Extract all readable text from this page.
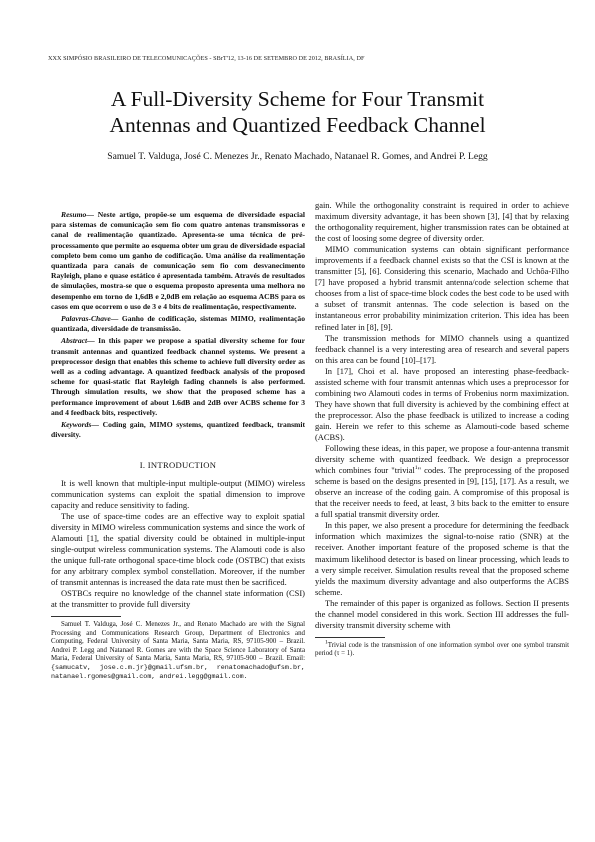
XXX SIMPÓSIO BRASILEIRO DE TELECOMUNICAÇÕES - SBrT'12, 13-16 DE SETEMBRO DE 2012, BRASÍLIA, DF
A Full-Diversity Scheme for Four Transmit
Antennas and Quantized Feedback Channel
Samuel T. Valduga, José C. Menezes Jr., Renato Machado, Natanael R. Gomes, and Andrei P. Legg

Resumo— Neste artigo, propõe-se um esquema de diversidade espacial para sistemas de comunicação sem fio com quatro antenas transmissoras e canal de realimentação quantizado. Apresenta-se uma técnica de pré-processamento que permite ao esquema obter um grau de diversidade espacial completo bem como um ganho de codificação. Uma análise da realimentação quantizada para canais de comunicação sem fio com desvanecimento Rayleigh, plano e quase estático é apresentada também. Através de resultados de simulações, mostra-se que o esquema proposto apresenta uma melhora no desempenho em torno de 1,6dB e 2,0dB em relação ao esquema ACBS para os casos em que ocorrem o uso de 3 e 4 bits de realimentação, respectivamente.

Palavras-Chave— Ganho de codificação, sistemas MIMO, realimentação quantizada, diversidade de transmissão.

Abstract— In this paper we propose a spatial diversity scheme for four transmit antennas and quantized feedback channel systems. We present a preprocessor design that enables this scheme to achieve full diversity order as well as a coding advantage. A quantized feedback analysis of the proposed scheme for quasi-static flat Rayleigh fading channels is also performed. Through simulation results, we show that the proposed scheme has a performance improvement of about 1.6dB and 2dB over ACBS scheme for 3 and 4 feedback bits, respectively.

Keywords— Coding gain, MIMO systems, quantized feedback, transmit diversity.

I. INTRODUCTION

It is well known that multiple-input multiple-output (MIMO) wireless communication systems can exploit the spatial dimension to improve capacity and reduce sensitivity to fading.

The use of space-time codes are an effective way to exploit spatial diversity in MIMO wireless communication systems and since the work of Alamouti [1], the spatial diversity could be obtained in multiple-input single-output wireless communication systems. The Alamouti code is also the unique full-rate orthogonal space-time block code (OSTBC) that exists for any arbitrary complex symbol constellation. Moreover, if the number of transmit antennas is increased the data rate must then be sacrificed.

OSTBCs require no knowledge of the channel state information (CSI) at the transmitter to provide full diversity

Samuel T. Valduga, José C. Menezes Jr., and Renato Machado are with the Signal Processing and Communications Research Group, Department of Electronics and Computing, Federal University of Santa Maria, Santa Maria, RS, 97105-900 – Brazil. Andrei P. Legg and Natanael R. Gomes are with the Space Science Laboratory of Santa Maria, Federal University of Santa Maria, Santa Maria, RS, 97105-900 – Brazil. Email: {samucatv, jose.c.m.jr}@gmail.ufsm.br, renatomachado@ufsm.br, natanael.rgomes@gmail.com, andrei.legg@gmail.com.

gain. While the orthogonality constraint is required in order to achieve maximum diversity advantage, it has been shown [3], [4] that by relaxing the orthogonality requirement, higher transmission rates can be obtained at the cost of loosing some degree of diversity order.

MIMO communication systems can obtain significant performance improvements if a feedback channel exists so that the CSI is known at the transmitter [5], [6]. Considering this scenario, Machado and Uchôa-Filho [7] have proposed a hybrid transmit antenna/code selection scheme that chooses from a list of space-time block codes the best code to be used with a subset of transmit antennas. The code selection is based on the instantaneous error probability minimization criterion. This idea has been refined later in [8], [9].

The transmission methods for MIMO channels using a quantized feedback channel is a very interesting area of research and several papers on this area can be found [10]–[17].

In [17], Choi et al. have proposed an interesting phase-feedback-assisted scheme with four transmit antennas which uses a preprocessor for combining two Alamouti codes in terms of Frobenius norm maximization. They have shown that full diversity is achieved by the combining effect at the preprocessor. Also the phase feedback is utilized to increase a coding gain. Herein we refer to this scheme as Alamouti-code based scheme (ACBS).

Following these ideas, in this paper, we propose a four-antenna transmit diversity scheme with quantized feedback. We design a preprocessor which combines four "trivial$^1$" codes. The preprocessing of the proposed scheme is based on the designs presented in [9], [15], [17]. As a result, we observe an increase of the coding gain. A compromise of this proposal is that the receiver needs to feed, at least, 3 bits back to the emitter to ensure a full spatial transmit diversity order.

In this paper, we also present a procedure for determining the feedback information which maximizes the signal-to-noise ratio (SNR) at the receiver. Another important feature of the proposed scheme is that the maximum likelihood detector is based on linear processing, which leads to a very simple receiver. Simulation results reveal that the proposed scheme yields the maximum diversity advantage and also outperforms the ACBS scheme.

The remainder of this paper is organized as follows. Section II presents the channel model considered in this work. Section III addresses the full-diversity transmit diversity scheme with

$^1$Trivial code is the transmission of one information symbol over one symbol transmit period (τ = 1).
